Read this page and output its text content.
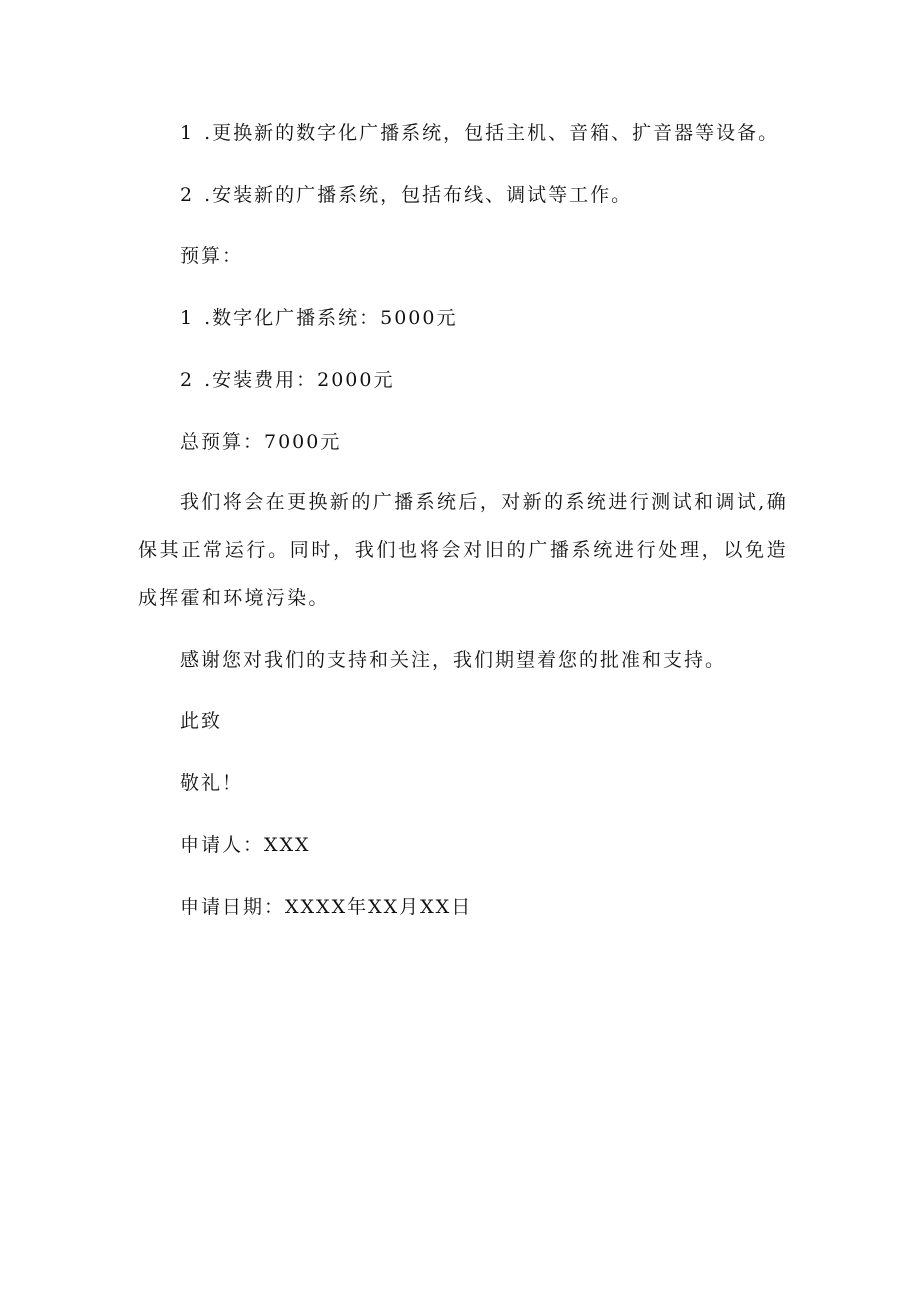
1 .更换新的数字化广播系统，包括主机、音箱、扩音器等设备。
2 .安装新的广播系统，包括布线、调试等工作。
预算：
1 .数字化广播系统：5000元
2 .安装费用：2000元
总预算：7000元
我们将会在更换新的广播系统后，对新的系统进行测试和调试,确保其正常运行。同时，我们也将会对旧的广播系统进行处理，以免造成挥霍和环境污染。
感谢您对我们的支持和关注，我们期望着您的批准和支持。
此致
敬礼！
申请人：XXX
申请日期：XXXX年XX月XX日
